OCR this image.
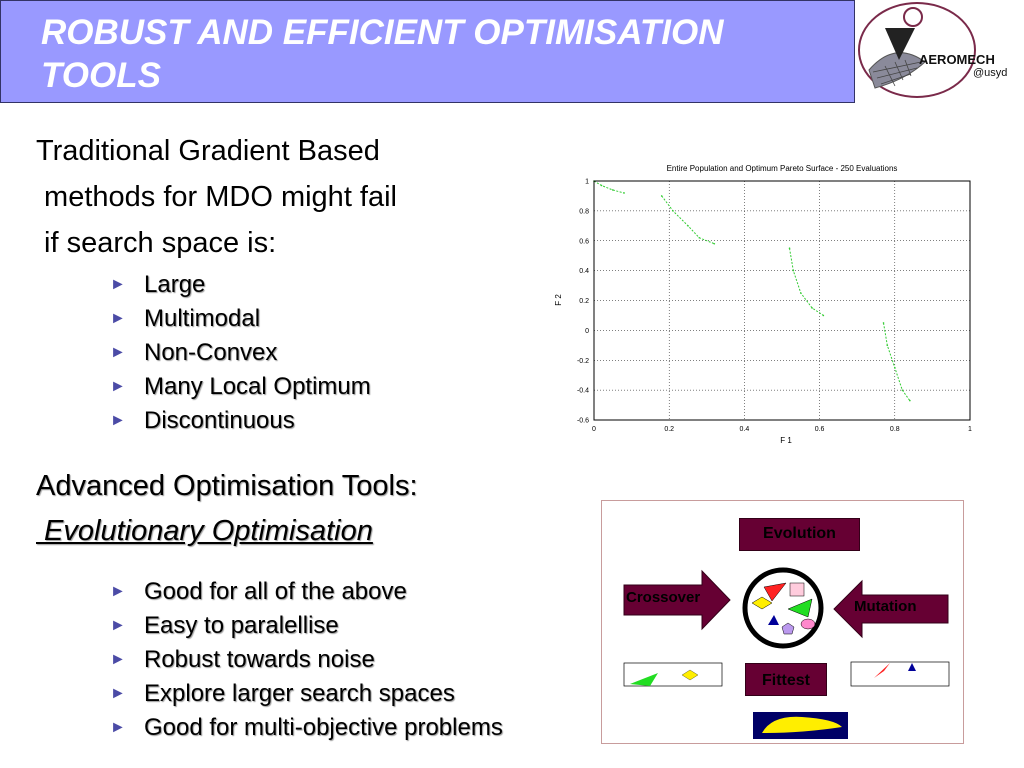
ROBUST AND EFFICIENT OPTIMISATION TOOLS	AEROMECH
@usyd
Traditional Gradient Based
methods for MDO might fail
if search space is:
► Large
► Multimodal
► Non-Convex
► Many Local Optimum
► Discontinuous
Advanced Optimisation Tools:
Evolutionary Optimisation
► Good for all of the above
► Easy to paralellise
► Robust towards noise
► Explore larger search spaces
► Good for multi-objective problems
Entire Population and Optimum Pareto Surface - 250 Evaluations
F 1
F 2
0	0.2	0.4	0.6	0.8	1
1
0.8
0.6
0.4
0.2
0
-0.2
-0.4
-0.6
Evolution
Fittest
Crossover
Mutation
